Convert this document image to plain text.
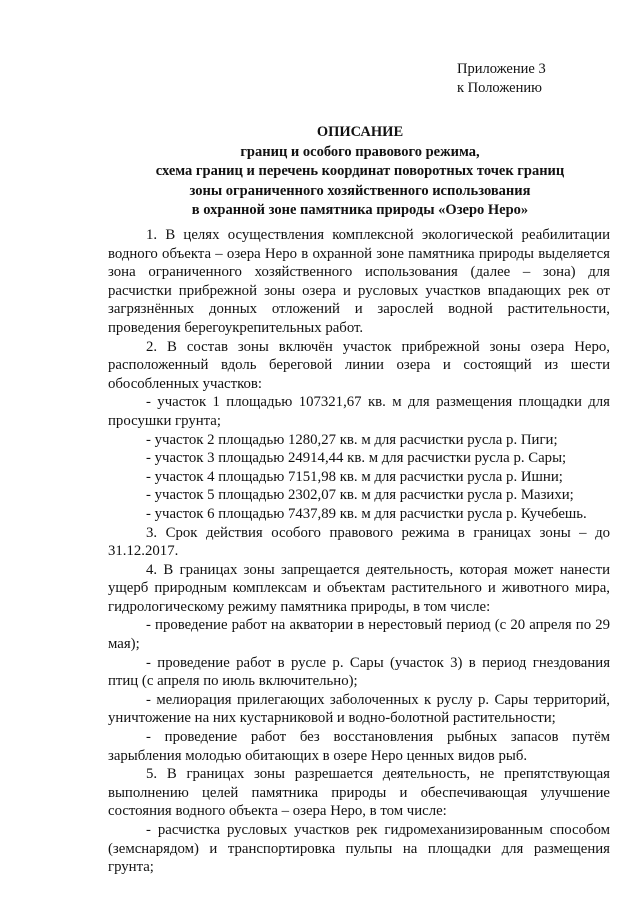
Приложение 3
к Положению
ОПИСАНИЕ
границ и особого правового режима,
схема границ и перечень координат поворотных точек границ
зоны ограниченного хозяйственного использования
в охранной зоне памятника природы «Озеро Неро»

1. В целях осуществления комплексной экологической реабилитации водного объекта – озера Неро в охранной зоне памятника природы выделяется зона ограниченного хозяйственного использования (далее – зона) для расчистки прибрежной зоны озера и русловых участков впадающих рек от загрязнённых донных отложений и зарослей водной растительности, проведения берегоукрепительных работ.

2. В состав зоны включён участок прибрежной зоны озера Неро, расположенный вдоль береговой линии озера и состоящий из шести обособленных участков:

- участок 1 площадью 107321,67 кв. м для размещения площадки для просушки грунта;

- участок 2 площадью 1280,27 кв. м для расчистки русла р. Пиги;

- участок 3 площадью 24914,44 кв. м для расчистки русла р. Сары;

- участок 4 площадью 7151,98 кв. м для расчистки русла р. Ишни;

- участок 5 площадью 2302,07 кв. м для расчистки русла р. Мазихи;

- участок 6 площадью 7437,89 кв. м для расчистки русла р. Кучебешь.

3. Срок действия особого правового режима в границах зоны – до 31.12.2017.

4. В границах зоны запрещается деятельность, которая может нанести ущерб природным комплексам и объектам растительного и животного мира, гидрологическому режиму памятника природы, в том числе:

- проведение работ на акватории в нерестовый период (с 20 апреля по 29 мая);

- проведение работ в русле р. Сары (участок 3) в период гнездования птиц (с апреля по июль включительно);

- мелиорация прилегающих заболоченных к руслу р. Сары территорий, уничтожение на них кустарниковой и водно-болотной растительности;

- проведение работ без восстановления рыбных запасов путём зарыбления молодью обитающих в озере Неро ценных видов рыб.

5. В границах зоны разрешается деятельность, не препятствующая выполнению целей памятника природы и обеспечивающая улучшение состояния водного объекта – озера Неро, в том числе:

- расчистка русловых участков рек гидромеханизированным способом (земснарядом) и транспортировка пульпы на площадки для размещения грунта;
